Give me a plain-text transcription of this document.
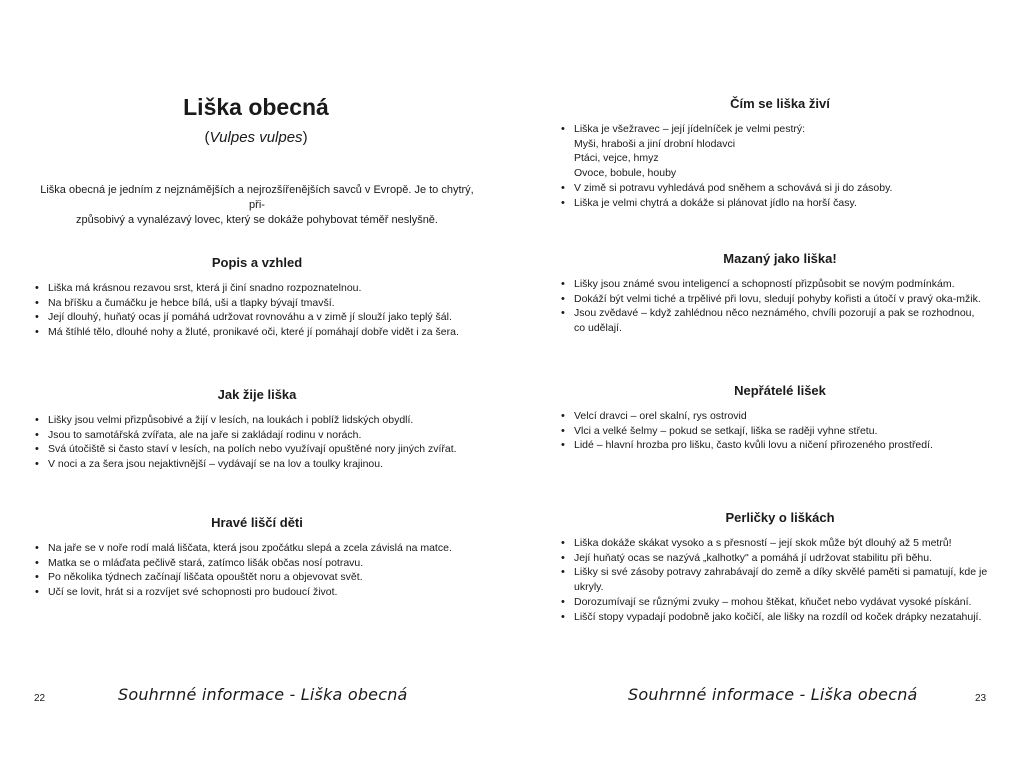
Liška obecná

(Vulpes vulpes)

Liška obecná je jedním z nejznámějších a nejrozšířenějších savců v Evropě. Je to chytrý, při-
způsobivý a vynalézavý lovec, který se dokáže pohybovat téměř neslyšně.

Popis a vzhled
• Liška má krásnou rezavou srst, která ji činí snadno rozpoznatelnou.
• Na bříšku a čumáčku je hebce bílá, uši a tlapky bývají tmavší.
• Její dlouhý, huňatý ocas jí pomáhá udržovat rovnováhu a v zimě jí slouží jako teplý šál.
• Má štíhlé tělo, dlouhé nohy a žluté, pronikavé oči, které jí pomáhají dobře vidět i za šera.
Jak žije liška
• Lišky jsou velmi přizpůsobivé a žijí v lesích, na loukách i poblíž lidských obydlí.
• Jsou to samotářská zvířata, ale na jaře si zakládají rodinu v norách.
• Svá útočiště si často staví v lesích, na polích nebo využívají opuštěné nory jiných zvířat.
• V noci a za šera jsou nejaktivnější – vydávají se na lov a toulky krajinou.
Hravé liščí děti
• Na jaře se v noře rodí malá liščata, která jsou zpočátku slepá a zcela závislá na matce.
• Matka se o mláďata pečlivě stará, zatímco lišák občas nosí potravu.
• Po několika týdnech začínají liščata opouštět noru a objevovat svět.
• Učí se lovit, hrát si a rozvíjet své schopnosti pro budoucí život.
22	Souhrnné informace - Liška obecná
Čím se liška živí
• Liška je všežravec – její jídelníček je velmi pestrý:
Myši, hraboši a jiní drobní hlodavci
Ptáci, vejce, hmyz
Ovoce, bobule, houby
• V zimě si potravu vyhledává pod sněhem a schovává si ji do zásoby.
• Liška je velmi chytrá a dokáže si plánovat jídlo na horší časy.
Mazaný jako liška!
• Lišky jsou známé svou inteligencí a schopností přizpůsobit se novým podmínkám.
• Dokáží být velmi tiché a trpělivé při lovu, sledují pohyby kořisti a útočí v pravý oka-mžik.
• Jsou zvědavé – když zahlédnou něco neznámého, chvíli pozorují a pak se rozhodnou, co udělají.
Nepřátelé lišek
• Velcí dravci – orel skalní, rys ostrovid
• Vlci a velké šelmy – pokud se setkají, liška se raději vyhne střetu.
• Lidé – hlavní hrozba pro lišku, často kvůli lovu a ničení přirozeného prostředí.
Perličky o liškách
• Liška dokáže skákat vysoko a s přesností – její skok může být dlouhý až 5 metrů!
• Její huňatý ocas se nazývá „kalhotky" a pomáhá jí udržovat stabilitu při běhu.
• Lišky si své zásoby potravy zahrabávají do země a díky skvělé paměti si pamatují, kde je ukryly.
• Dorozumívají se různými zvuky – mohou štěkat, kňučet nebo vydávat vysoké pískání.
• Liščí stopy vypadají podobně jako kočičí, ale lišky na rozdíl od koček drápky nezatahují.
Souhrnné informace - Liška obecná	23
